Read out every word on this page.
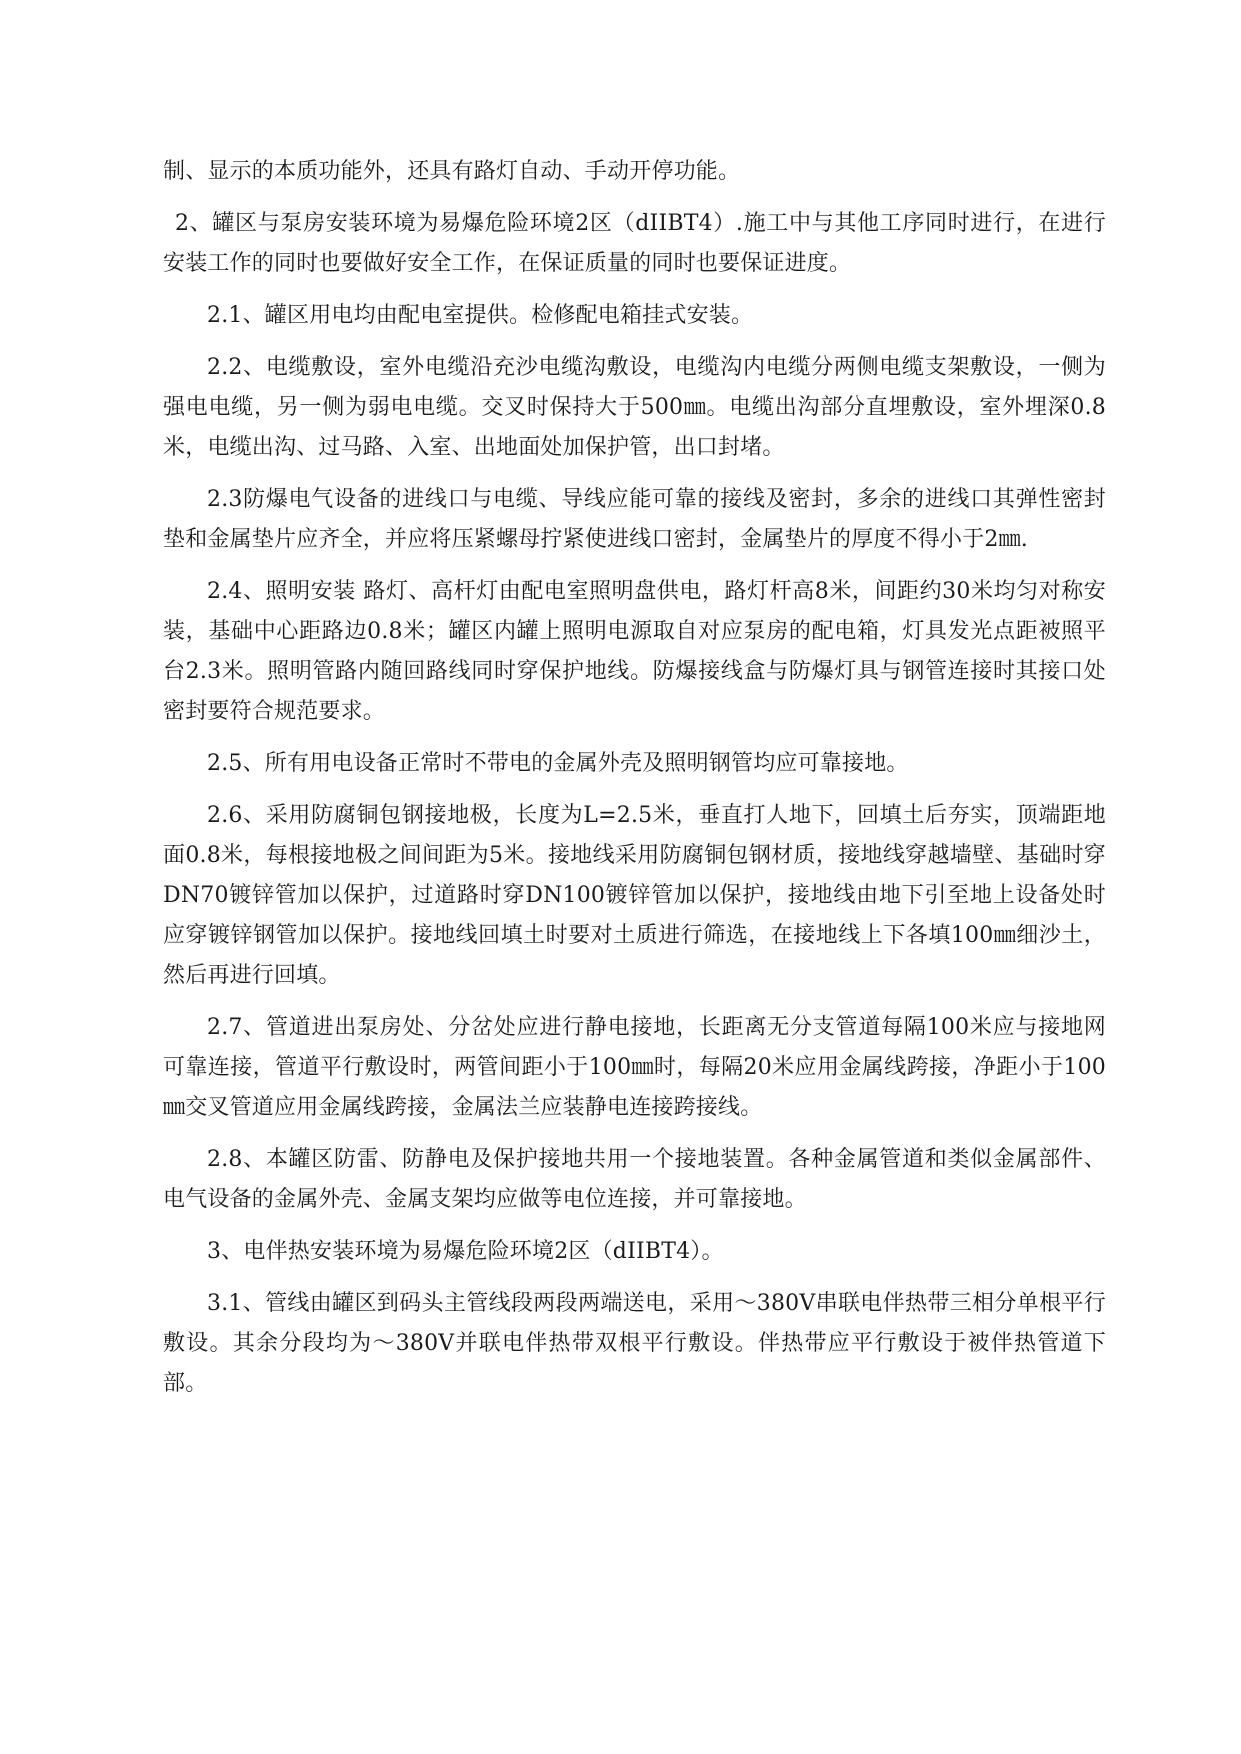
制、显示的本质功能外，还具有路灯自动、手动开停功能。

2、罐区与泵房安装环境为易爆危险环境2区（dIIBT4）.施工中与其他工序同时进行，在进行安装工作的同时也要做好安全工作，在保证质量的同时也要保证进度。

2.1、罐区用电均由配电室提供。检修配电箱挂式安装。

2.2、电缆敷设，室外电缆沿充沙电缆沟敷设，电缆沟内电缆分两侧电缆支架敷设，一侧为强电电缆，另一侧为弱电电缆。交叉时保持大于500㎜。电缆出沟部分直埋敷设，室外埋深0.8米，电缆出沟、过马路、入室、出地面处加保护管，出口封堵。

2.3防爆电气设备的进线口与电缆、导线应能可靠的接线及密封，多余的进线口其弹性密封垫和金属垫片应齐全，并应将压紧螺母拧紧使进线口密封，金属垫片的厚度不得小于2㎜.

2.4、照明安装 路灯、高杆灯由配电室照明盘供电，路灯杆高8米，间距约30米均匀对称安装，基础中心距路边0.8米；罐区内罐上照明电源取自对应泵房的配电箱，灯具发光点距被照平台2.3米。照明管路内随回路线同时穿保护地线。防爆接线盒与防爆灯具与钢管连接时其接口处密封要符合规范要求。

2.5、所有用电设备正常时不带电的金属外壳及照明钢管均应可靠接地。

2.6、采用防腐铜包钢接地极，长度为L=2.5米，垂直打人地下，回填土后夯实，顶端距地面0.8米，每根接地极之间间距为5米。接地线采用防腐铜包钢材质，接地线穿越墙壁、基础时穿DN70镀锌管加以保护，过道路时穿DN100镀锌管加以保护，接地线由地下引至地上设备处时应穿镀锌钢管加以保护。接地线回填土时要对土质进行筛选，在接地线上下各填100㎜细沙土，然后再进行回填。

2.7、管道进出泵房处、分岔处应进行静电接地，长距离无分支管道每隔100米应与接地网可靠连接，管道平行敷设时，两管间距小于100㎜时，每隔20米应用金属线跨接，净距小于100㎜交叉管道应用金属线跨接，金属法兰应装静电连接跨接线。

2.8、本罐区防雷、防静电及保护接地共用一个接地装置。各种金属管道和类似金属部件、电气设备的金属外壳、金属支架均应做等电位连接，并可靠接地。

3、电伴热安装环境为易爆危险环境2区（dIIBT4）。

3.1、管线由罐区到码头主管线段两段两端送电，采用～380V串联电伴热带三相分单根平行敷设。其余分段均为～380V并联电伴热带双根平行敷设。伴热带应平行敷设于被伴热管道下部。
